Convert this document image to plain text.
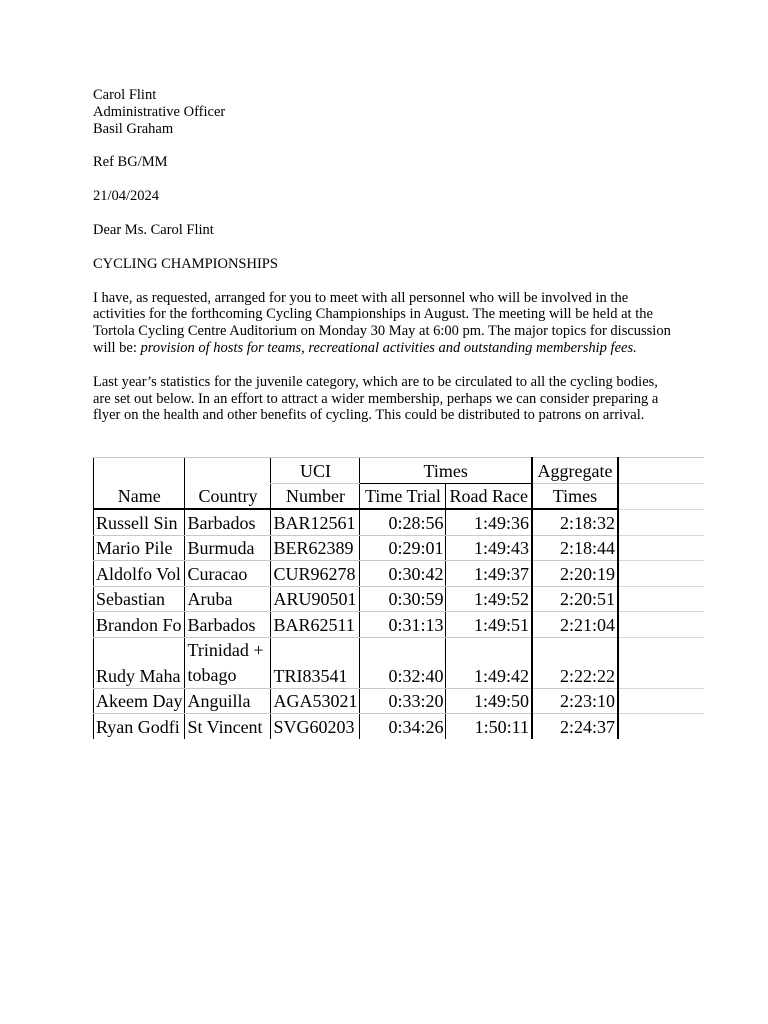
Carol Flint

Administrative Officer

Basil Graham

Ref BG/MM

21/04/2024

Dear Ms. Carol Flint

CYCLING CHAMPIONSHIPS

I have, as requested, arranged for you to meet with all personnel who will be involved in the activities for the forthcoming Cycling Championships in August. The meeting will be held at the Tortola Cycling Centre Auditorium on Monday 30 May at 6:00 pm. The major topics for discussion will be: provision of hosts for teams, recreational activities and outstanding membership fees.

Last year’s statistics for the juvenile category, which are to be circulated to all the cycling bodies, are set out below. In an effort to attract a wider membership, perhaps we can consider preparing a flyer on the health and other benefits of cycling. This could be distributed to patrons on arrival.

Name	Country	UCI	Times		Aggregate	
		Number	Time Trial	Road Race	Times	
Russell Sin	Barbados	BAR12561	0:28:56	1:49:36	2:18:32	
Mario Pile	Burmuda	BER62389	0:29:01	1:49:43	2:18:44	
Aldolfo Vol	Curacao	CUR96278	0:30:42	1:49:37	2:20:19	
Sebastian	Aruba	ARU90501	0:30:59	1:49:52	2:20:51	
Brandon Fo	Barbados	BAR62511	0:31:13	1:49:51	2:21:04	
Rudy Maha	Trinidad +
tobago	TRI83541	0:32:40	1:49:42	2:22:22	
Akeem Day	Anguilla	AGA53021	0:33:20	1:49:50	2:23:10	
Ryan Godfi	St Vincent	SVG60203	0:34:26	1:50:11	2:24:37	
